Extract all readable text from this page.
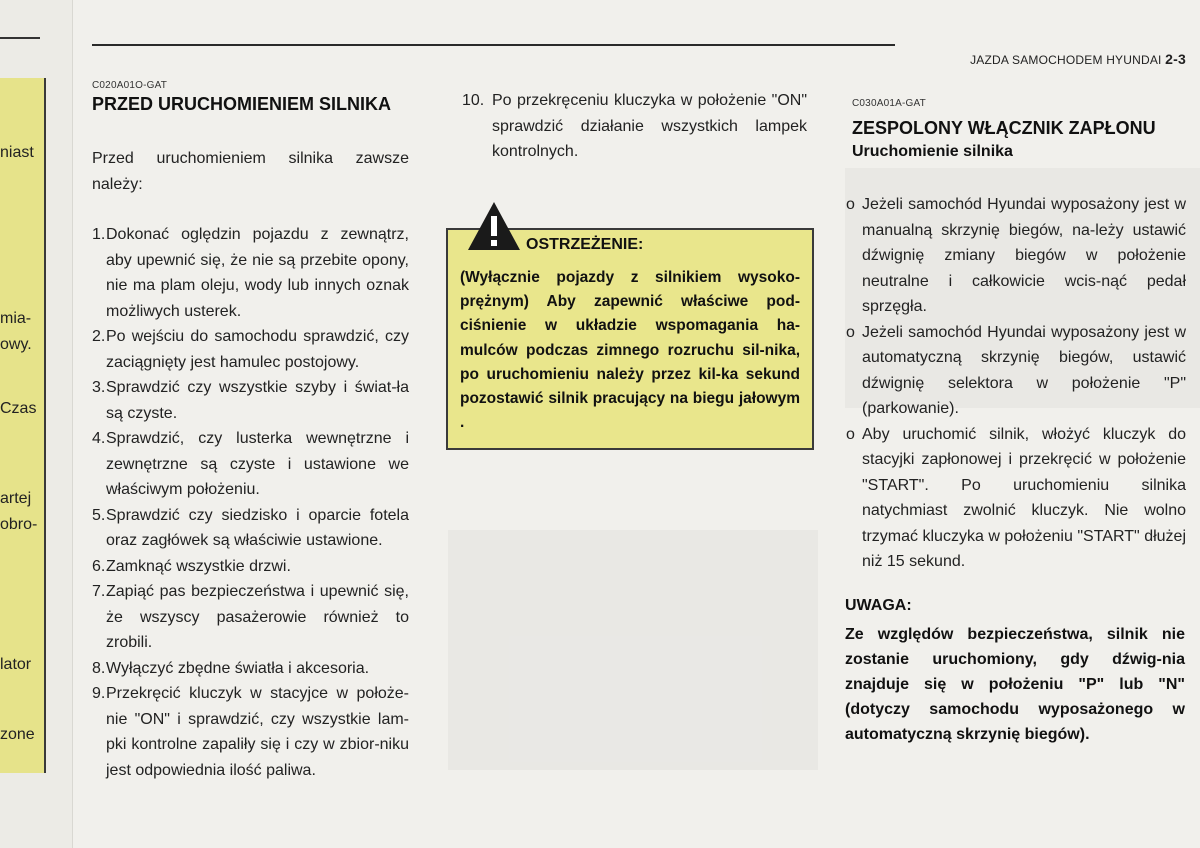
niast
mia-
owy.
Czas
artej
obro-
lator
zone
JAZDA SAMOCHODEM HYUNDAI 2-3
C020A01O-GAT
PRZED URUCHOMIENIEM SILNIKA
Przed uruchomieniem silnika zawsze należy:
1. Dokonać oględzin pojazdu z zewnątrz, aby upewnić się, że nie są przebite opony, nie ma plam oleju, wody lub innych oznak możliwych usterek.
2. Po wejściu do samochodu sprawdzić, czy zaciągnięty jest hamulec postojowy.
3. Sprawdzić czy wszystkie szyby i świat-ła są czyste.
4. Sprawdzić, czy lusterka wewnętrzne i zewnętrzne są czyste i ustawione we właściwym położeniu.
5. Sprawdzić czy siedzisko i oparcie fotela oraz zagłówek są właściwie ustawione.
6. Zamknąć wszystkie drzwi.
7. Zapiąć pas bezpieczeństwa i upewnić się, że wszyscy pasażerowie również to zrobili.
8. Wyłączyć zbędne światła i akcesoria.
9. Przekręcić kluczyk w stacyjce w położe-nie "ON" i sprawdzić, czy wszystkie lam-pki kontrolne zapaliły się i czy w zbior-niku jest odpowiednia ilość paliwa.
10. Po przekręceniu kluczyka w położenie "ON" sprawdzić działanie wszystkich lampek kontrolnych.
(Wyłącznie pojazdy z silnikiem wysoko-prężnym) Aby zapewnić właściwe pod-ciśnienie w układzie wspomagania ha-mulców podczas zimnego rozruchu sil-nika, po uruchomieniu należy przez kil-ka sekund pozostawić silnik pracujący na biegu jałowym .
OSTRZEŻENIE:
C030A01A-GAT
ZESPOLONY WŁĄCZNIK ZAPŁONU
Uruchomienie silnika
o Jeżeli samochód Hyundai wyposażony jest w manualną skrzynię biegów, na-leży ustawić dźwignię zmiany biegów w położenie neutralne i całkowicie wcis-nąć pedał sprzęgła.
o Jeżeli samochód Hyundai wyposażony jest w automatyczną skrzynię biegów, ustawić dźwignię selektora w położenie "P" (parkowanie).
o Aby uruchomić silnik, włożyć kluczyk do stacyjki zapłonowej i przekręcić w położenie "START". Po uruchomieniu silnika natychmiast zwolnić kluczyk. Nie wolno trzymać kluczyka w położeniu "START" dłużej niż 15 sekund.
UWAGA:
Ze względów bezpieczeństwa, silnik nie zostanie uruchomiony, gdy dźwig-nia znajduje się w położeniu "P" lub "N" (dotyczy samochodu wyposażonego w automatyczną skrzynię biegów).
